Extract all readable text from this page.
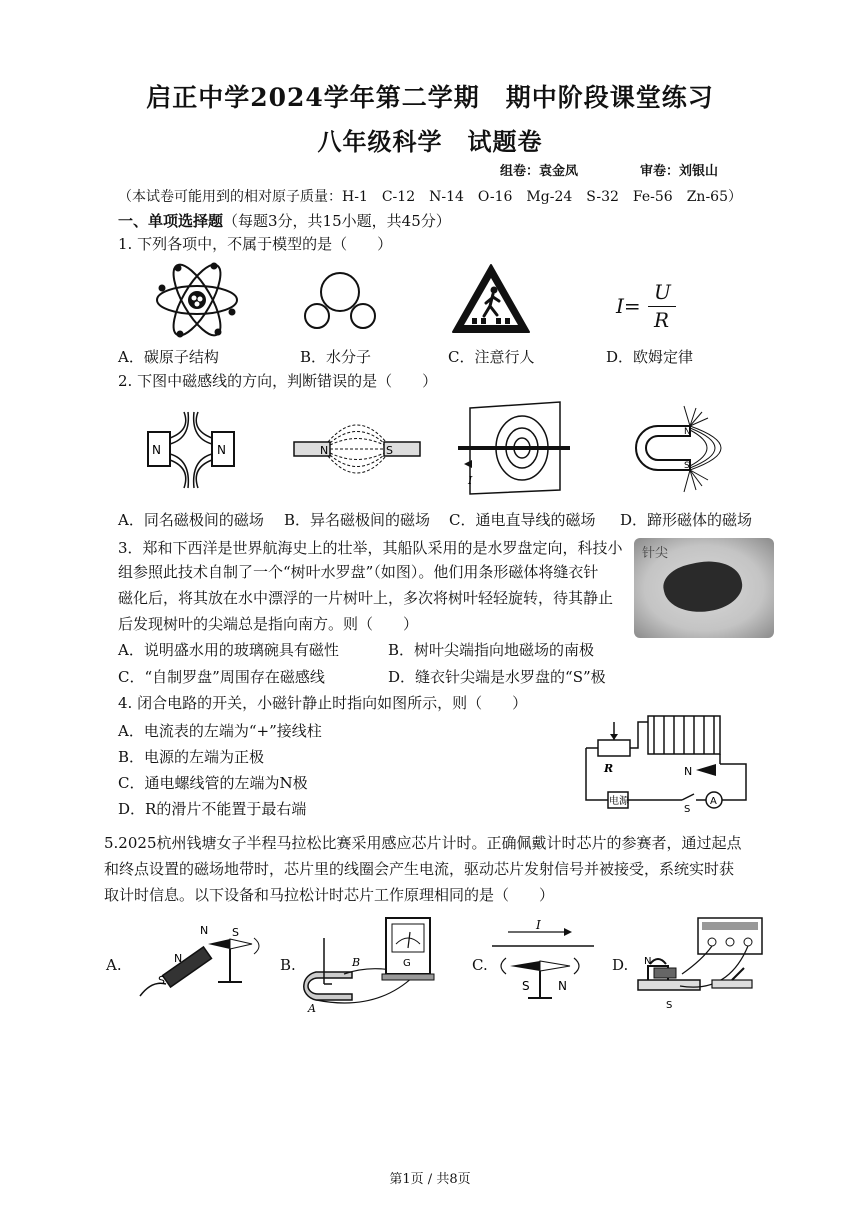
启正中学2024学年第二学期　期中阶段课堂练习
八年级科学　试题卷
组卷：袁金凤	审卷：刘银山
（本试卷可能用到的相对原子质量：H-1　C-12　N-14　O-16　Mg-24　S-32　Fe-56　Zn-65）
一、单项选择题（每题3分，共15小题，共45分）
1. 下列各项中，不属于模型的是（　　）
I=
U
R
A．碳原子结构	B．水分子	C．注意行人	D．欧姆定律
2. 下图中磁感线的方向，判断错误的是（　　）
N	N	N	S
I
N
S
A．同名磁极间的磁场 B．异名磁极间的磁场 C．通电直导线的磁场 D．蹄形磁体的磁场
3．郑和下西洋是世界航海史上的壮举，其船队采用的是水罗盘定向，科技小
组参照此技术自制了一个“树叶水罗盘”（如图）。他们用条形磁体将缝衣针
磁化后，将其放在水中漂浮的一片树叶上，多次将树叶轻轻旋转，待其静止
后发现树叶的尖端总是指向南方。则（　　）
针尖
A．说明盛水用的玻璃碗具有磁性	B．树叶尖端指向地磁场的南极
C．“自制罗盘”周围存在磁感线	D．缝衣针尖端是水罗盘的“S”极
4. 闭合电路的开关，小磁针静止时指向如图所示，则（　　）
A．电流表的左端为“+”接线柱
B．电源的左端为正极
C．通电螺线管的左端为N极
D．R的滑片不能置于最右端
R	N
电源
S
A
5.2025杭州钱塘女子半程马拉松比赛采用感应芯片计时。正确佩戴计时芯片的参赛者，通过起点
和终点设置的磁场地带时，芯片里的线圈会产生电流，驱动芯片发射信号并被接受，系统实时获
取计时信息。以下设备和马拉松计时芯片工作原理相同的是（　　）
A.	N
S
N S
B.	B
A
G	C.
I
S N
D. N
S
第1页 / 共8页
